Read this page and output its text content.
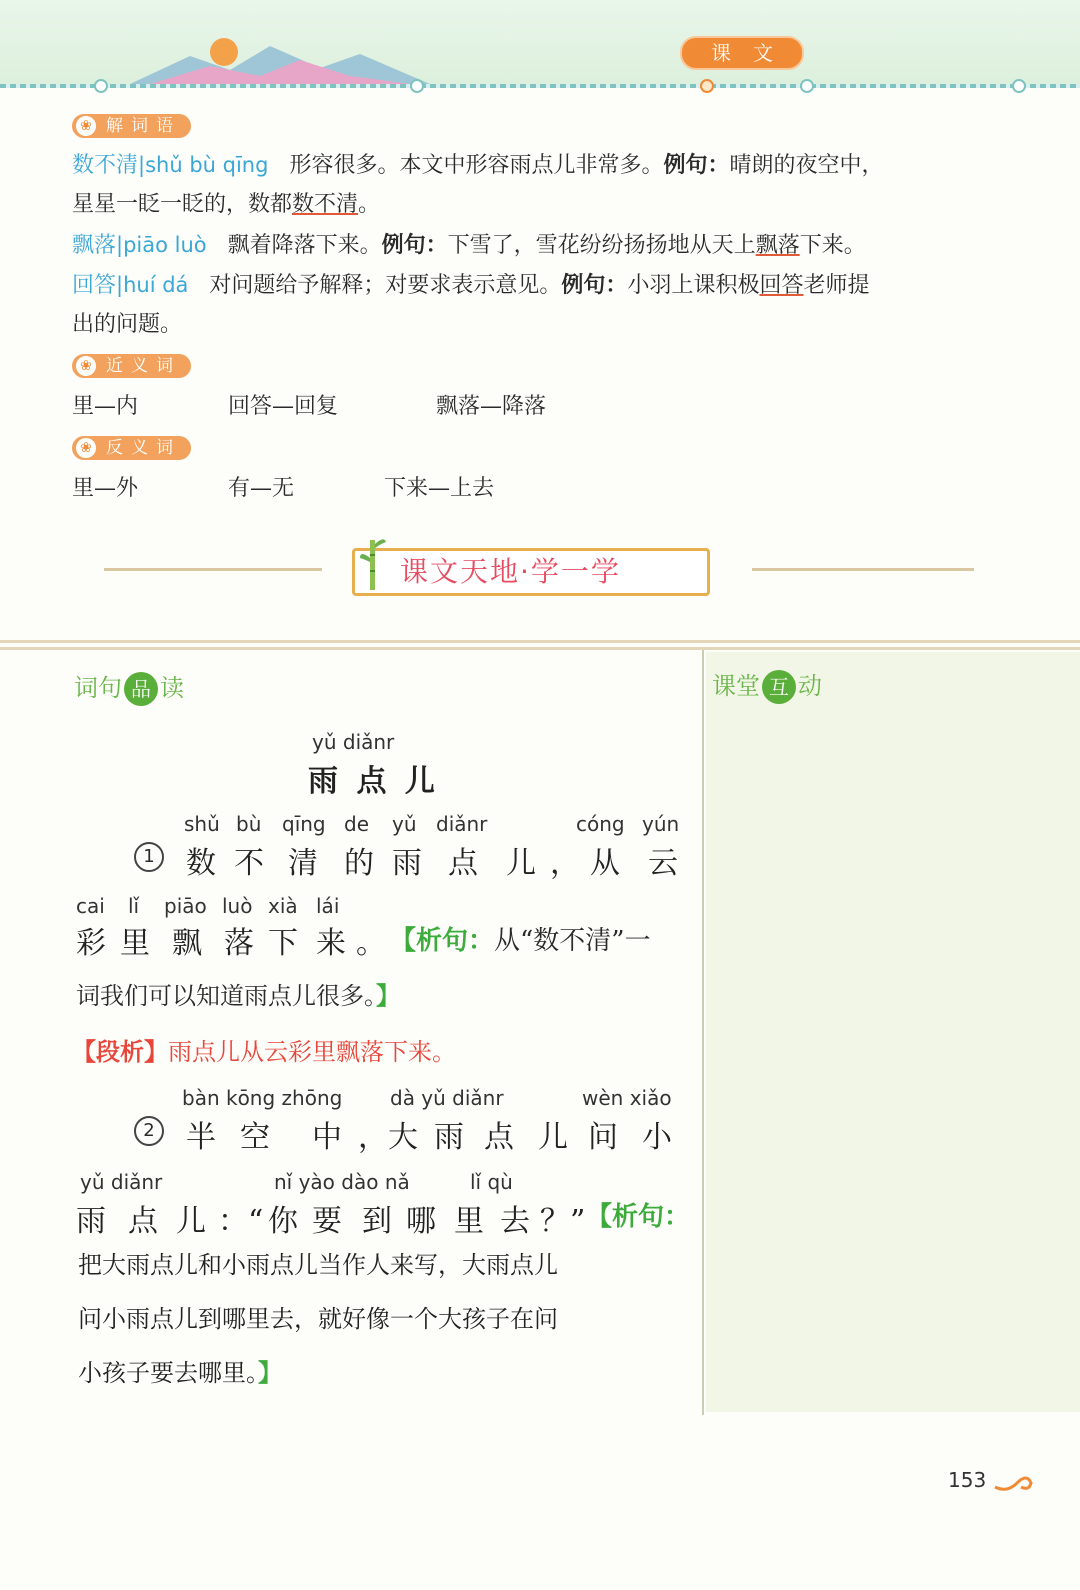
课文
❀ 解词语
数不清|shǔ bù qīng 形容很多。本文中形容雨点儿非常多。例句：晴朗的夜空中，
星星一眨一眨的，数都数不清。
飘落|piāo luò 飘着降落下来。例句：下雪了，雪花纷纷扬扬地从天上飘落下来。
回答|huí dá 对问题给予解释；对要求表示意见。例句：小羽上课积极回答老师提
出的问题。
❀ 近义词
里—内	回答—回复	飘落—降落
❀ 反义词
里—外	有—无	下来—上去
课文天地·学一学
词句 品 读
yǔ diǎnr
雨 点 儿
shǔ bù qīng de yǔ diǎnr	cóng yún
1	数 不 清 的 雨 点 儿 ， 从 云
cai lǐ piāo luò xià lái
彩 里 飘 落 下 来 。 【析句：从“数不清”一
词我们可以知道雨点儿很多。】
【段析】雨点儿从云彩里飘落下来。
bàn kōng zhōng dà yǔ diǎnr	wèn xiǎo
2	半 空 中 ，大 雨 点 儿 问 小
yǔ diǎnr	nǐ yào dào nǎ	lǐ qù
雨 点 儿 ：“ 你 要 到 哪 里 去 ？” 【析句：
把大雨点儿和小雨点儿当作人来写，大雨点儿
问小雨点儿到哪里去，就好像一个大孩子在问
小孩子要去哪里。】
课堂 互 动
153
